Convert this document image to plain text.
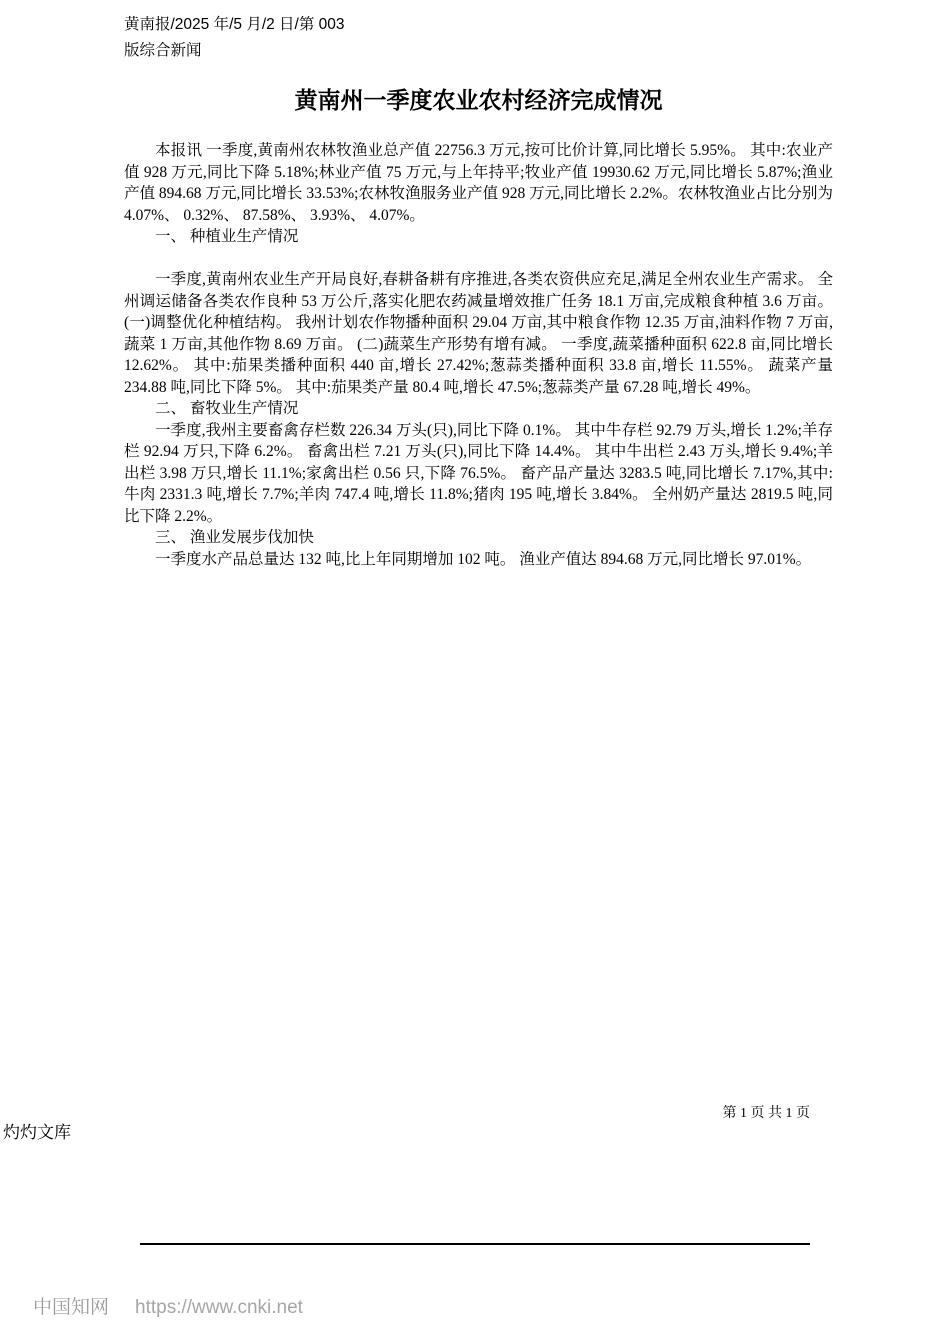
黄南报/2025 年/5 月/2 日/第 003
版综合新闻
黄南州一季度农业农村经济完成情况

本报讯 一季度,黄南州农林牧渔业总产值 22756.3 万元,按可比价计算,同比增长 5.95%。 其中:农业产值 928 万元,同比下降 5.18%;林业产值 75 万元,与上年持平;牧业产值 19930.62 万元,同比增长 5.87%;渔业产值 894.68 万元,同比增长 33.53%;农林牧渔服务业产值 928 万元,同比增长 2.2%。农林牧渔业占比分别为 4.07%、 0.32%、 87.58%、 3.93%、 4.07%。

一、 种植业生产情况

一季度,黄南州农业生产开局良好,春耕备耕有序推进,各类农资供应充足,满足全州农业生产需求。 全州调运储备各类农作良种 53 万公斤,落实化肥农药减量增效推广任务 18.1 万亩,完成粮食种植 3.6 万亩。 (一)调整优化种植结构。 我州计划农作物播种面积 29.04 万亩,其中粮食作物 12.35 万亩,油料作物 7 万亩,蔬菜 1 万亩,其他作物 8.69 万亩。 (二)蔬菜生产形势有增有减。 一季度,蔬菜播种面积 622.8 亩,同比增长 12.62%。 其中:茄果类播种面积 440 亩,增长 27.42%;葱蒜类播种面积 33.8 亩,增长 11.55%。 蔬菜产量 234.88 吨,同比下降 5%。 其中:茄果类产量 80.4 吨,增长 47.5%;葱蒜类产量 67.28 吨,增长 49%。

二、 畜牧业生产情况

一季度,我州主要畜禽存栏数 226.34 万头(只),同比下降 0.1%。 其中牛存栏 92.79 万头,增长 1.2%;羊存栏 92.94 万只,下降 6.2%。 畜禽出栏 7.21 万头(只),同比下降 14.4%。 其中牛出栏 2.43 万头,增长 9.4%;羊出栏 3.98 万只,增长 11.1%;家禽出栏 0.56 只,下降 76.5%。 畜产品产量达 3283.5 吨,同比增长 7.17%,其中:牛肉 2331.3 吨,增长 7.7%;羊肉 747.4 吨,增长 11.8%;猪肉 195 吨,增长 3.84%。 全州奶产量达 2819.5 吨,同比下降 2.2%。

三、 渔业发展步伐加快

一季度水产品总量达 132 吨,比上年同期增加 102 吨。 渔业产值达 894.68 万元,同比增长 97.01%。

第 1 页 共 1 页
灼灼文库
中国知网 https://www.cnki.net
